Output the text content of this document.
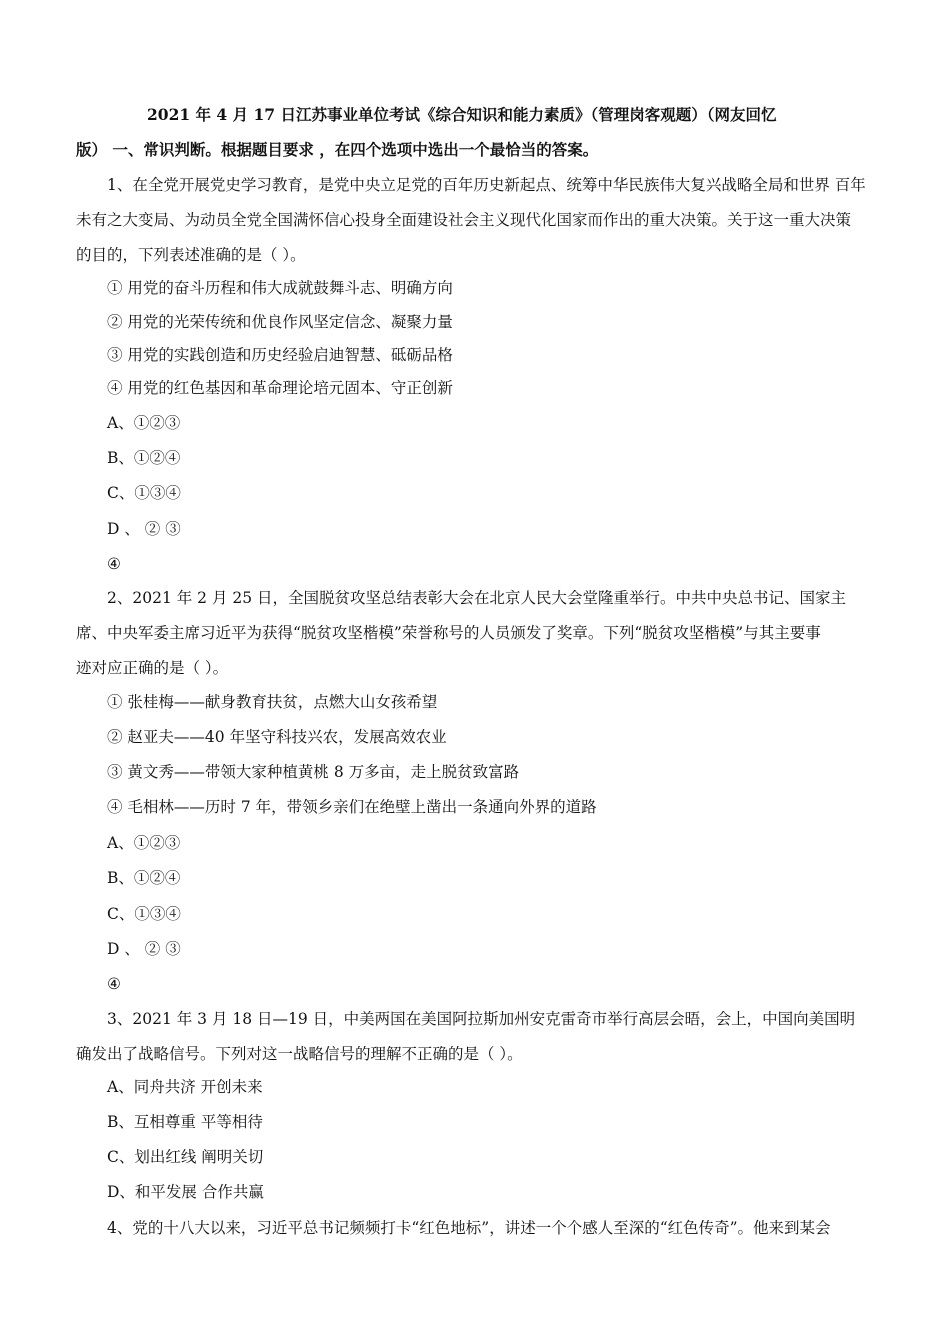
2021 年 4 月 17 日江苏事业单位考试《综合知识和能力素质》（管理岗客观题）（网友回忆
版） 一、常识判断。根据题目要求 ，在四个选项中选出一个最恰当的答案。
1、在全党开展党史学习教育，是党中央立足党的百年历史新起点、统筹中华民族伟大复兴战略全局和世界 百年
未有之大变局、为动员全党全国满怀信心投身全面建设社会主义现代化国家而作出的重大决策。关于这一重大决策
的目的，下列表述准确的是（ ）。
① 用党的奋斗历程和伟大成就鼓舞斗志、明确方向
② 用党的光荣传统和优良作风坚定信念、凝聚力量
③ 用党的实践创造和历史经验启迪智慧、砥砺品格
④ 用党的红色基因和革命理论培元固本、守正创新
A、①②③
B、①②④
C、①③④
D 、 ② ③
④
2、2021 年 2 月 25 日，全国脱贫攻坚总结表彰大会在北京人民大会堂隆重举行。中共中央总书记、国家主
席、中央军委主席习近平为获得“脱贫攻坚楷模”荣誉称号的人员颁发了奖章。下列“脱贫攻坚楷模”与其主要事
迹对应正确的是（ ）。
① 张桂梅——献身教育扶贫，点燃大山女孩希望
② 赵亚夫——40 年坚守科技兴农，发展高效农业
③ 黄文秀——带领大家种植黄桃 8 万多亩，走上脱贫致富路
④ 毛相林——历时 7 年，带领乡亲们在绝壁上凿出一条通向外界的道路
A、①②③
B、①②④
C、①③④
D 、 ② ③
④
3、2021 年 3 月 18 日—19 日，中美两国在美国阿拉斯加州安克雷奇市举行高层会晤，会上，中国向美国明
确发出了战略信号。下列对这一战略信号的理解不正确的是（ ）。
A、同舟共济 开创未来
B、互相尊重 平等相待
C、划出红线 阐明关切
D、和平发展 合作共赢
4、党的十八大以来，习近平总书记频频打卡“红色地标”，讲述一个个感人至深的“红色传奇”。他来到某会
